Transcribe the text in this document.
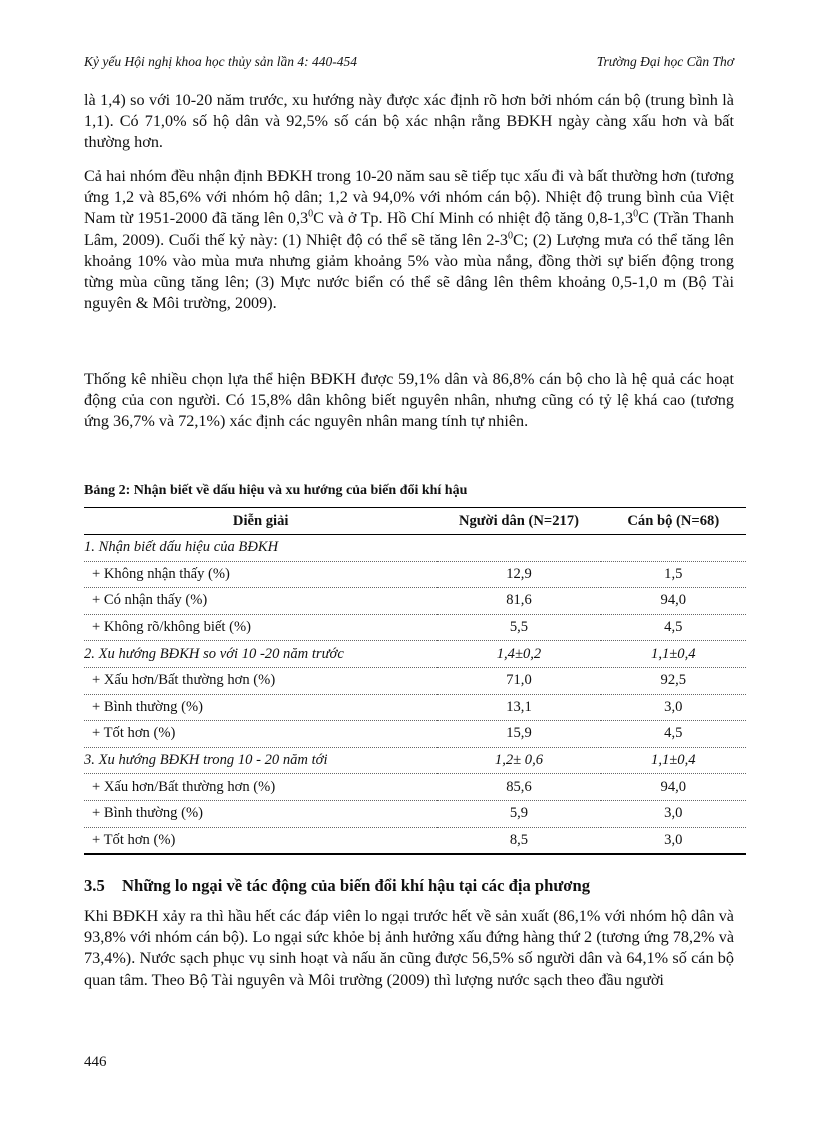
Kỷ yếu Hội nghị khoa học thủy sản lần 4: 440-454	Trường Đại học Cần Thơ

là 1,4) so với 10-20 năm trước, xu hướng này được xác định rõ hơn bởi nhóm cán bộ (trung bình là 1,1). Có 71,0% số hộ dân và 92,5% số cán bộ xác nhận rằng BĐKH ngày càng xấu hơn và bất thường hơn.

Cả hai nhóm đều nhận định BĐKH trong 10-20 năm sau sẽ tiếp tục xấu đi và bất thường hơn (tương ứng 1,2 và 85,6% với nhóm hộ dân; 1,2 và 94,0% với nhóm cán bộ). Nhiệt độ trung bình của Việt Nam từ 1951-2000 đã tăng lên $0,3^0C$ và ở Tp. Hồ Chí Minh có nhiệt độ tăng $0,8-1,3^0C$ (Trần Thanh Lâm, 2009). Cuối thế kỷ này: (1) Nhiệt độ có thể sẽ tăng lên $2-3^0C$; (2) Lượng mưa có thể tăng lên khoảng 10% vào mùa mưa nhưng giảm khoảng 5% vào mùa nắng, đồng thời sự biến động trong từng mùa cũng tăng lên; (3) Mực nước biển có thể sẽ dâng lên thêm khoảng 0,5-1,0 m (Bộ Tài nguyên & Môi trường, 2009).

Thống kê nhiều chọn lựa thể hiện BĐKH được 59,1% dân và 86,8% cán bộ cho là hệ quả các hoạt động của con người. Có 15,8% dân không biết nguyên nhân, nhưng cũng có tỷ lệ khá cao (tương ứng 36,7% và 72,1%) xác định các nguyên nhân mang tính tự nhiên.

Bảng 2: Nhận biết về dấu hiệu và xu hướng của biến đổi khí hậu
Diễn giải	Người dân (N=217)	Cán bộ (N=68)
1. Nhận biết dấu hiệu của BĐKH		
+ Không nhận thấy (%)	12,9	1,5
+ Có nhận thấy (%)	81,6	94,0
+ Không rõ/không biết (%)	5,5	4,5
2. Xu hướng BĐKH so với 10 -20 năm trước	1,4±0,2	1,1±0,4
+ Xấu hơn/Bất thường hơn (%)	71,0	92,5
+ Bình thường (%)	13,1	3,0
+ Tốt hơn (%)	15,9	4,5
3. Xu hướng BĐKH trong 10 - 20 năm tới	1,2± 0,6	1,1±0,4
+ Xấu hơn/Bất thường hơn (%)	85,6	94,0
+ Bình thường (%)	5,9	3,0
+ Tốt hơn (%)	8,5	3,0
3.5 Những lo ngại về tác động của biến đổi khí hậu tại các địa phương

Khi BĐKH xảy ra thì hầu hết các đáp viên lo ngại trước hết về sản xuất (86,1% với nhóm hộ dân và 93,8% với nhóm cán bộ). Lo ngại sức khỏe bị ảnh hưởng xấu đứng hàng thứ 2 (tương ứng 78,2% và 73,4%). Nước sạch phục vụ sinh hoạt và nấu ăn cũng được 56,5% số người dân và 64,1% số cán bộ quan tâm. Theo Bộ Tài nguyên và Môi trường (2009) thì lượng nước sạch theo đầu người

446
